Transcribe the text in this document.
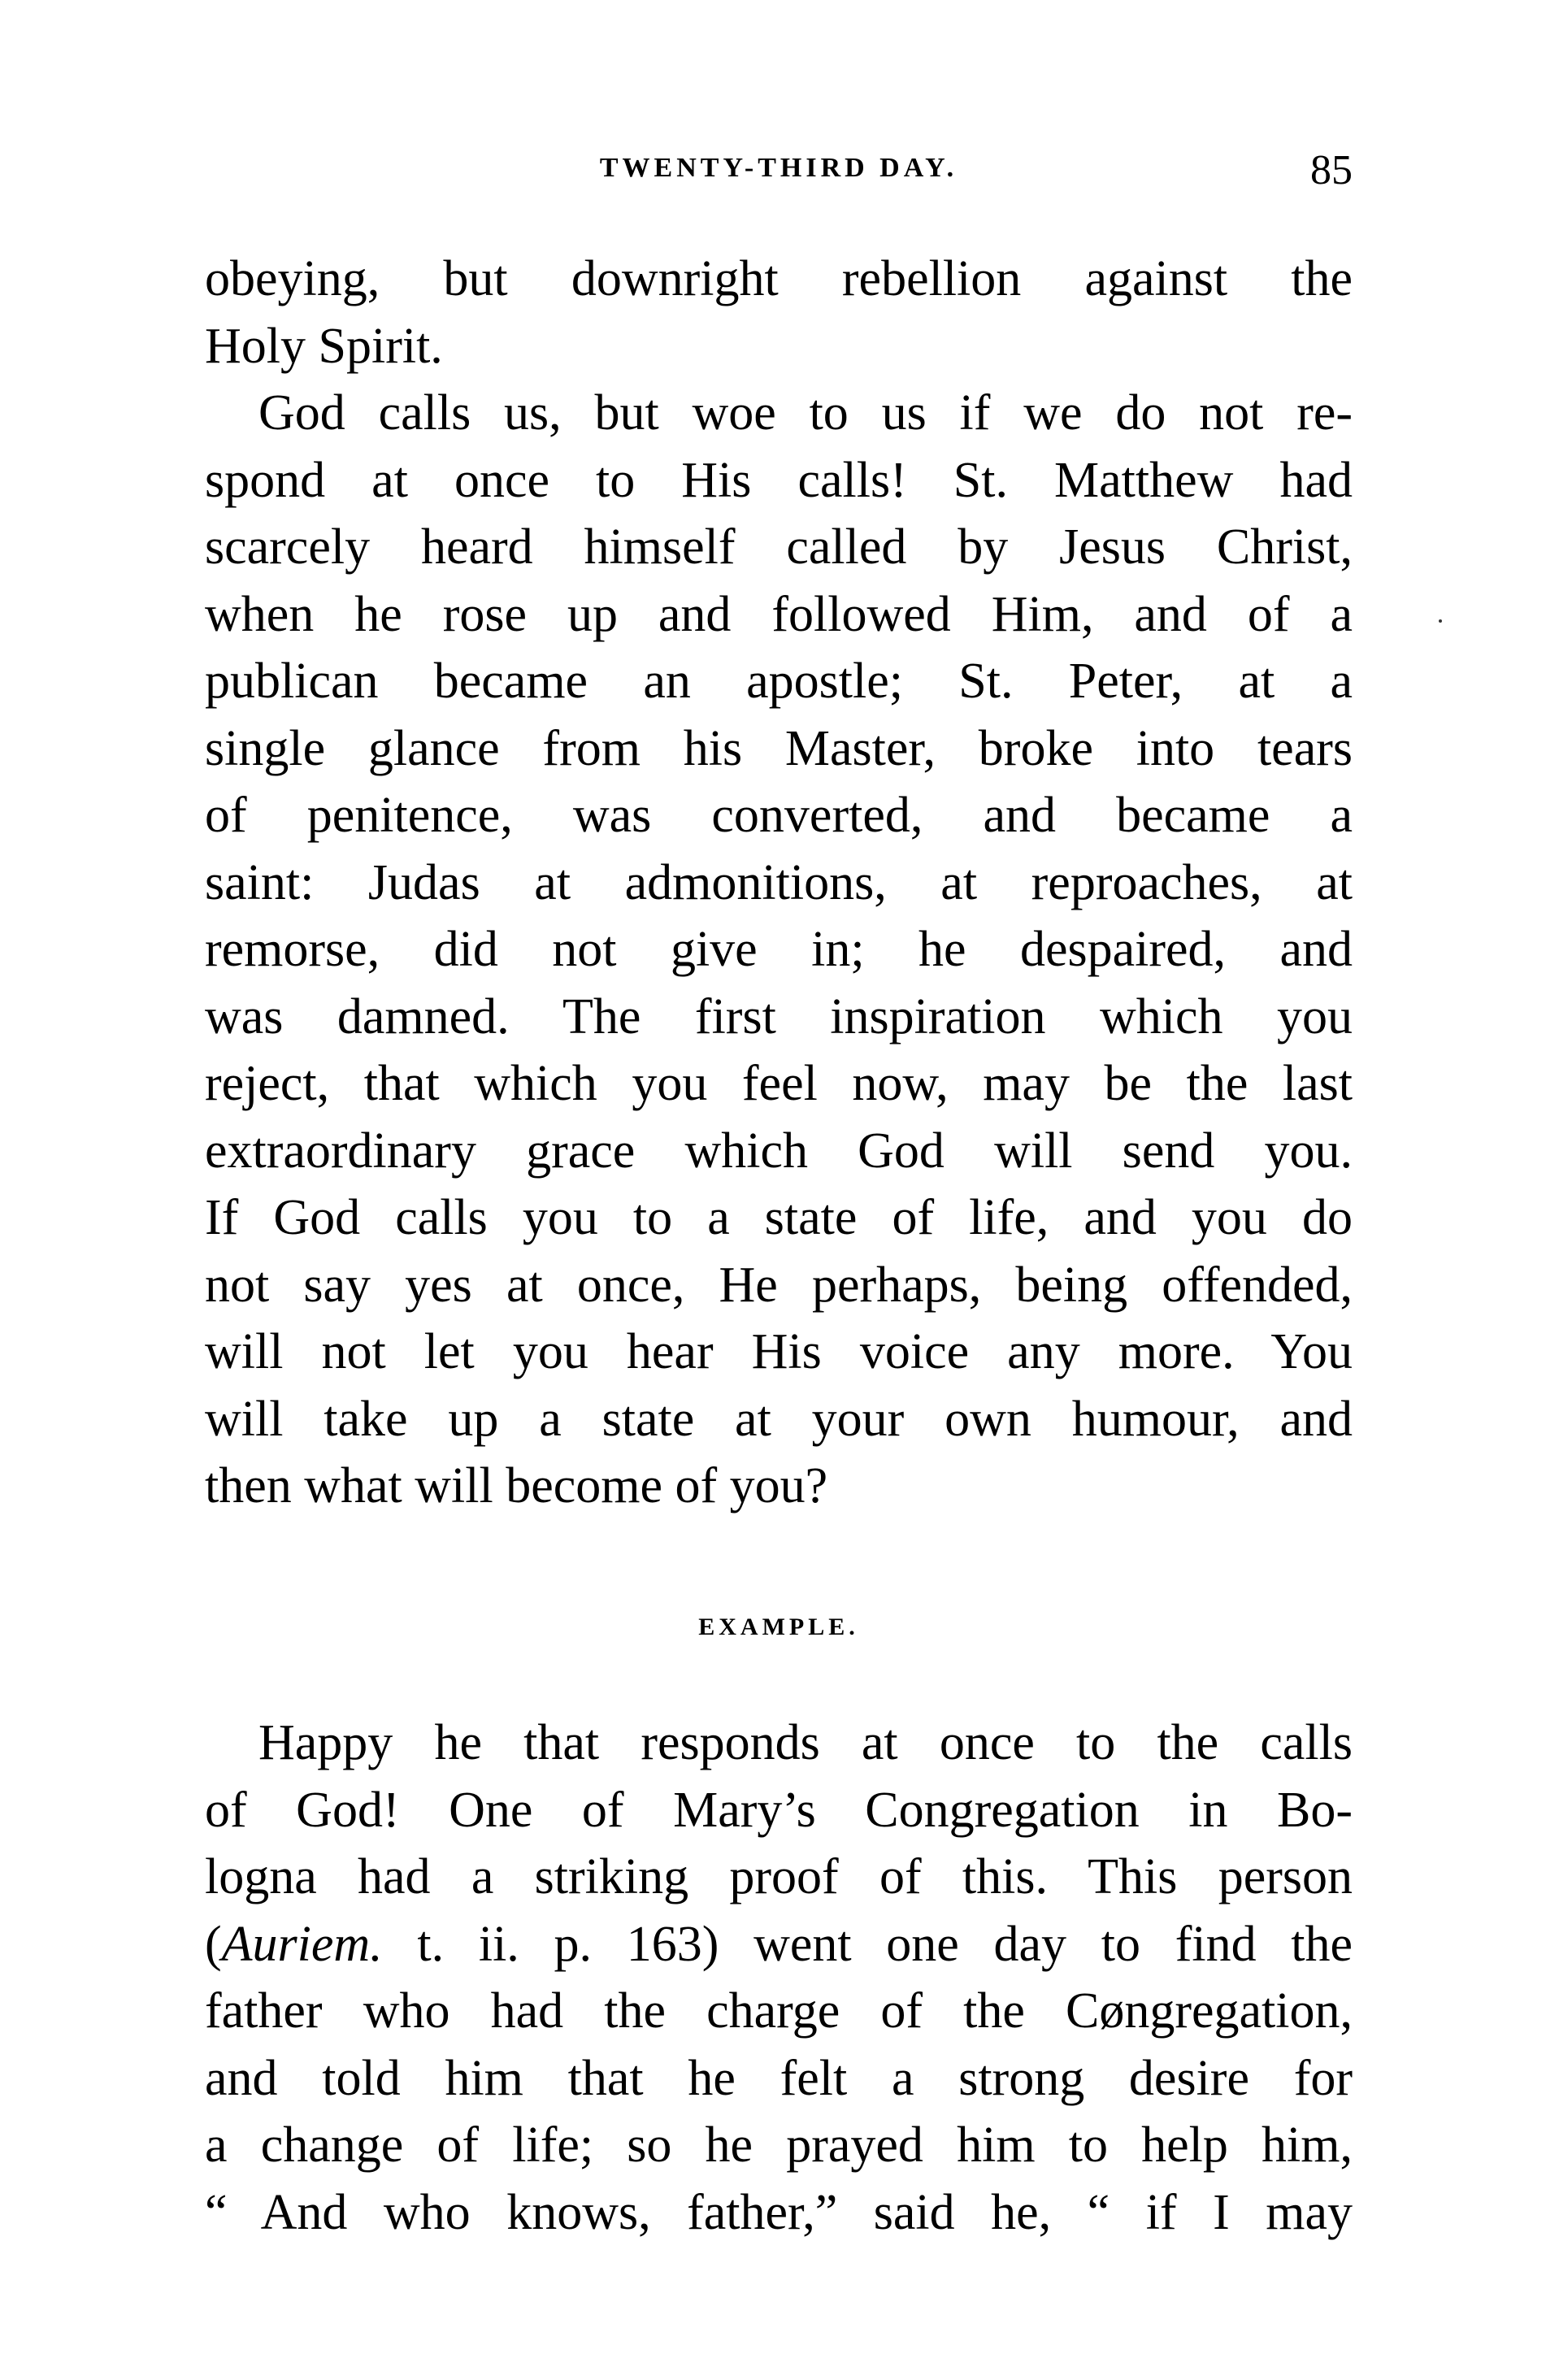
TWENTY-THIRD DAY.	85
obeying, but downright rebellion against the
Holy Spirit.
God calls us, but woe to us if we do not re-
spond at once to His calls! St. Matthew had
scarcely heard himself called by Jesus Christ,
when he rose up and followed Him, and of a
publican became an apostle; St. Peter, at a
single glance from his Master, broke into tears
of penitence, was converted, and became a
saint: Judas at admonitions, at reproaches, at
remorse, did not give in; he despaired, and
was damned. The first inspiration which you
reject, that which you feel now, may be the last
extraordinary grace which God will send you.
If God calls you to a state of life, and you do
not say yes at once, He perhaps, being offended,
will not let you hear His voice any more. You
will take up a state at your own humour, and
then what will become of you?
EXAMPLE.
Happy he that responds at once to the calls
of God! One of Mary’s Congregation in Bo-
logna had a striking proof of this. This person
(Auriem. t. ii. p. 163) went one day to find the
father who had the charge of the Cøngregation,
and told him that he felt a strong desire for
a change of life; so he prayed him to help him,
“ And who knows, father,” said he, “ if I may
